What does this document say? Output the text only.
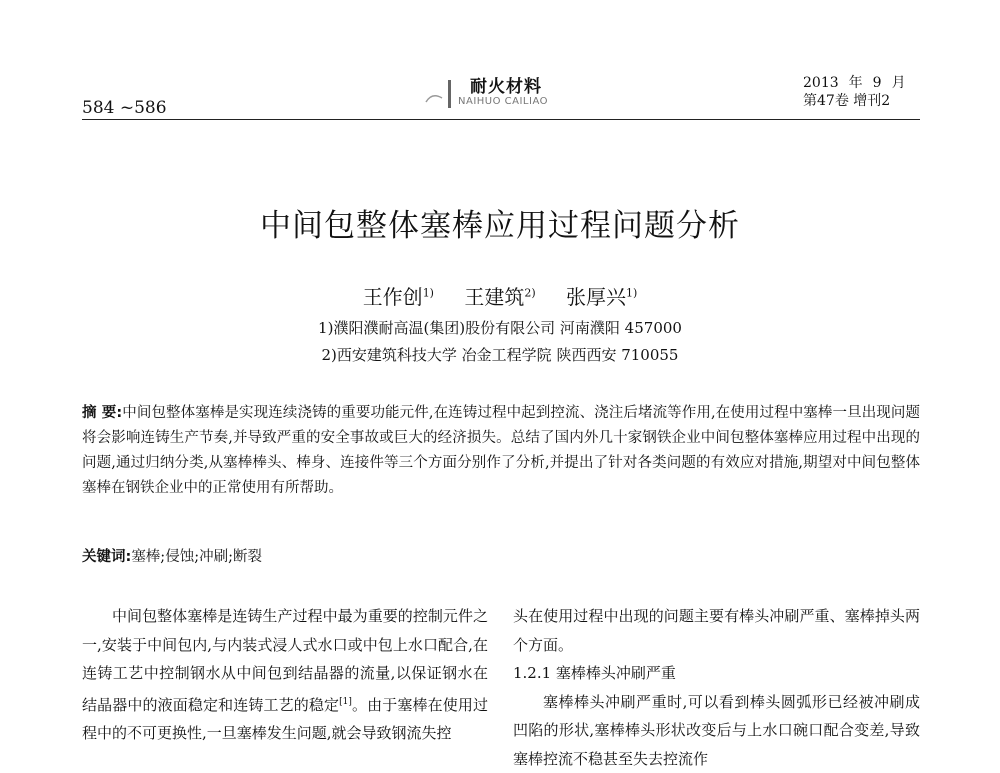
584 ~586
耐火材料
NAIHUO CAILIAO
2013 年 9 月
第47卷 增刊2
中间包整体塞棒应用过程问题分析
王作创$^{1)}$ 王建筑$^{2)}$ 张厚兴$^{1)}$
1)濮阳濮耐高温(集团)股份有限公司 河南濮阳 457000
2)西安建筑科技大学 冶金工程学院 陕西西安 710055
摘 要:中间包整体塞棒是实现连续浇铸的重要功能元件,在连铸过程中起到控流、浇注后堵流等作用,在使用过程中塞棒一旦出现问题将会影响连铸生产节奏,并导致严重的安全事故或巨大的经济损失。总结了国内外几十家钢铁企业中间包整体塞棒应用过程中出现的问题,通过归纳分类,从塞棒棒头、棒身、连接件等三个方面分别作了分析,并提出了针对各类问题的有效应对措施,期望对中间包整体塞棒在钢铁企业中的正常使用有所帮助。
关键词:塞棒;侵蚀;冲刷;断裂

中间包整体塞棒是连铸生产过程中最为重要的控制元件之一,安装于中间包内,与内装式浸人式水口或中包上水口配合,在连铸工艺中控制钢水从中间包到结晶器的流量,以保证钢水在结晶器中的液面稳定和连铸工艺的稳定[1]。由于塞棒在使用过程中的不可更换性,一旦塞棒发生问题,就会导致钢流失控

头在使用过程中出现的问题主要有棒头冲刷严重、塞棒掉头两个方面。

1.2.1 塞棒棒头冲刷严重

塞棒棒头冲刷严重时,可以看到棒头圆弧形已经被冲刷成凹陷的形状,塞棒棒头形状改变后与上水口碗口配合变差,导致塞棒控流不稳甚至失去控流作
